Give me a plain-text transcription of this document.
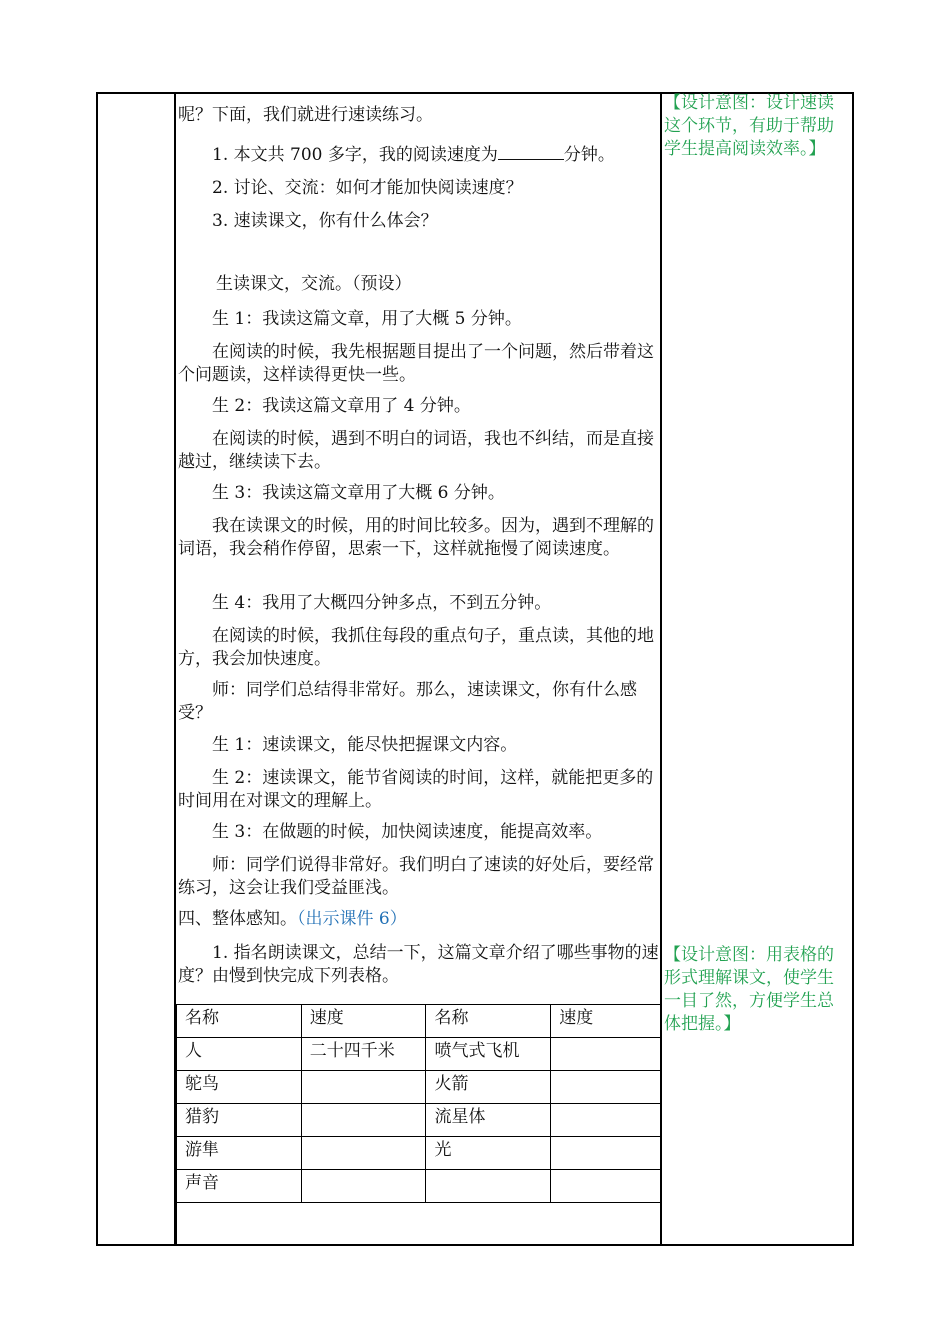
呢？下面，我们就进行速读练习。
1. 本文共 700 多字，我的阅读速度为	分钟。
2. 讨论、交流：如何才能加快阅读速度？
3. 速读课文，你有什么体会？
生读课文，交流。（预设）
生 1：我读这篇文章，用了大概 5 分钟。
在阅读的时候，我先根据题目提出了一个问题，然后带着这个问题读，这样读得更快一些。
生 2：我读这篇文章用了 4 分钟。
在阅读的时候，遇到不明白的词语，我也不纠结，而是直接越过，继续读下去。
生 3：我读这篇文章用了大概 6 分钟。
我在读课文的时候，用的时间比较多。因为，遇到不理解的词语，我会稍作停留，思索一下，这样就拖慢了阅读速度。
生 4：我用了大概四分钟多点，不到五分钟。
在阅读的时候，我抓住每段的重点句子，重点读，其他的地方，我会加快速度。
师：同学们总结得非常好。那么，速读课文，你有什么感受？
生 1：速读课文，能尽快把握课文内容。
生 2：速读课文，能节省阅读的时间，这样，就能把更多的时间用在对课文的理解上。
生 3：在做题的时候，加快阅读速度，能提高效率。
师：同学们说得非常好。我们明白了速读的好处后，要经常练习，这会让我们受益匪浅。
四、整体感知。（出示课件 6）
1. 指名朗读课文，总结一下，这篇文章介绍了哪些事物的速度？由慢到快完成下列表格。
【设计意图：设计速读这个环节，有助于帮助学生提高阅读效率。】
【设计意图：用表格的形式理解课文，使学生一目了然，方便学生总体把握。】
名称	速度	名称	速度
人	二十四千米	喷气式飞机	
鸵鸟		火箭	
猎豹		流星体	
游隼		光	
声音			
